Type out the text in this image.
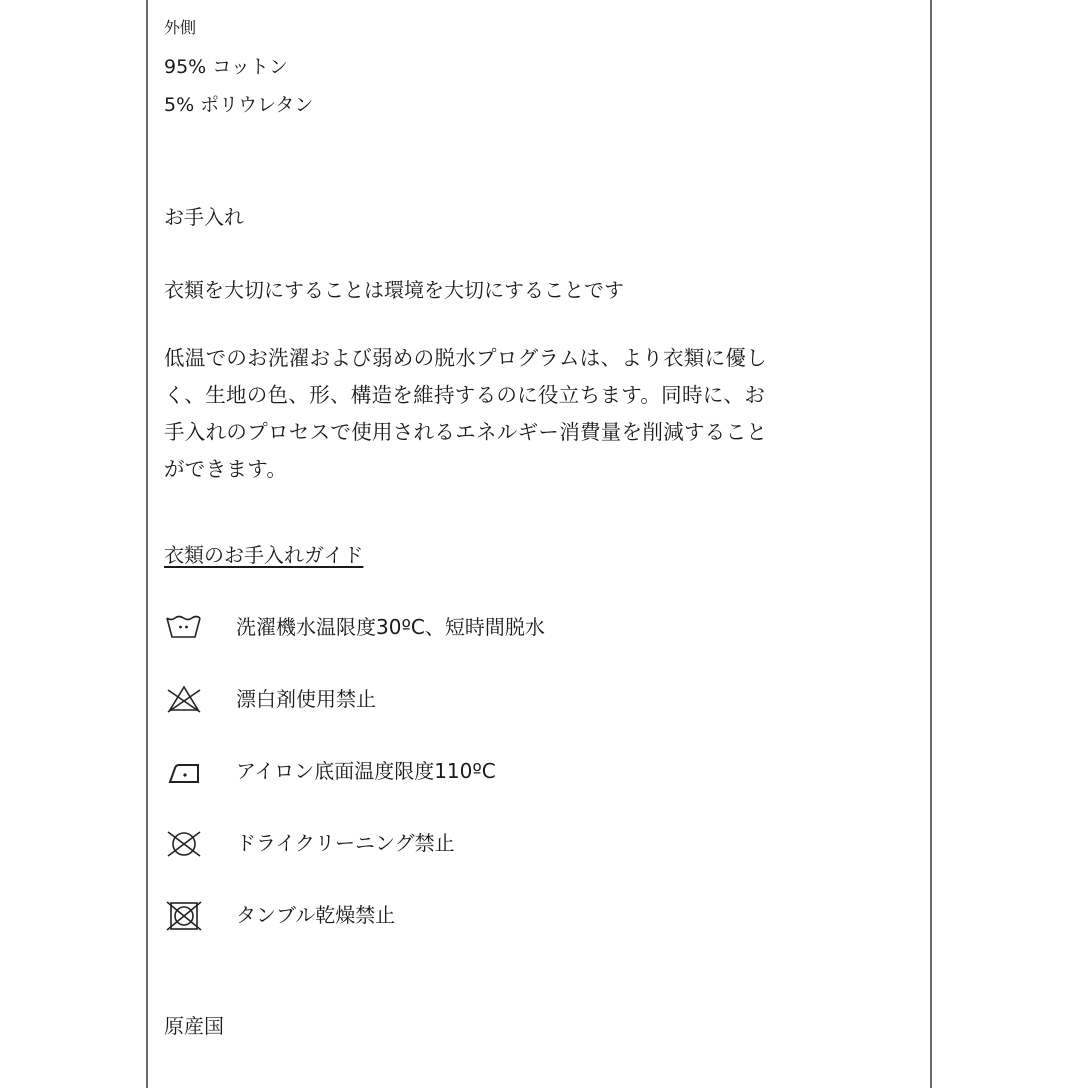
外側
95% コットン
5% ポリウレタン
お手入れ
衣類を大切にすることは環境を大切にすることです
低温でのお洗濯および弱めの脱水プログラムは、より衣類に優し
く、生地の色、形、構造を維持するのに役立ちます。同時に、お
手入れのプロセスで使用されるエネルギー消費量を削減すること
ができます。
衣類のお手入れガイド
洗濯機水温限度30ºC、短時間脱水
漂白剤使用禁止
アイロン底面温度限度110ºC
ドライクリーニング禁止
タンブル乾燥禁止
原産国
